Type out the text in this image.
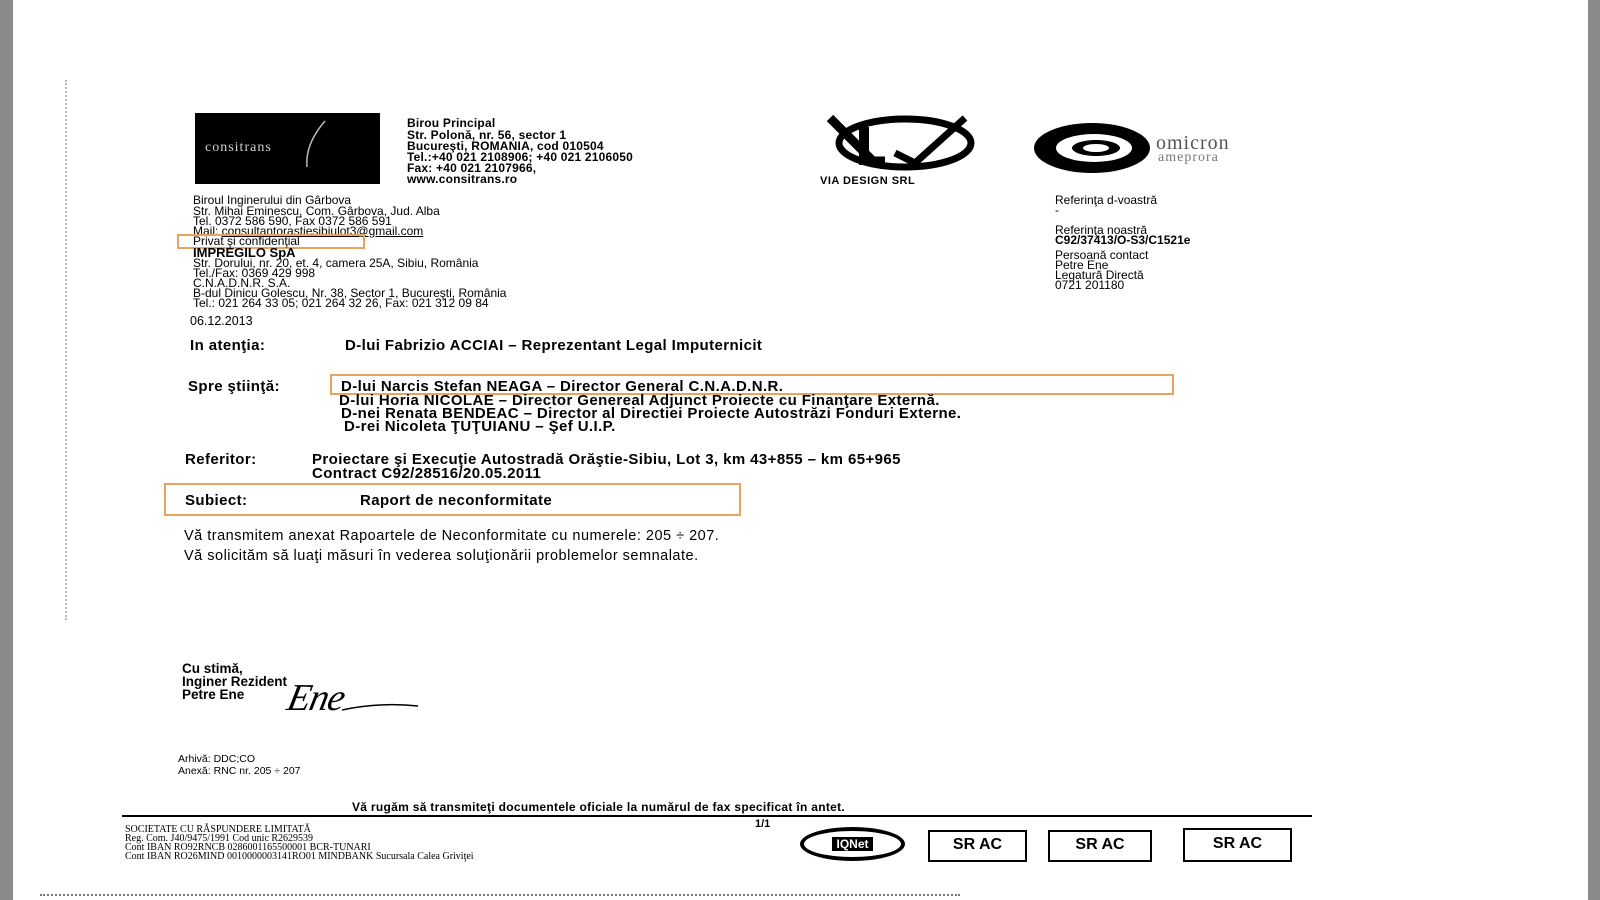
consitrans
Birou Principal
Str. Polonă, nr. 56, sector 1
Bucureşti, ROMANIA, cod 010504
Tel.:+40 021 2108906; +40 021 2106050
Fax: +40 021 2107966,
www.consitrans.ro	VIA DESIGN SRL
omicron
ameprora
Biroul Inginerului din Gârbova
Str. Mihai Eminescu, Com. Gârbova, Jud. Alba
Tel. 0372 586 590, Fax 0372 586 591
Mail: consultantorastiesibiulot3@gmail.com
Privat şi confidenţial
IMPREGILO SpA
Str. Dorului, nr. 20, et. 4, camera 25A, Sibiu, România
Tel./Fax: 0369 429 998
C.N.A.D.N.R. S.A.
B-dul Dinicu Golescu, Nr. 38, Sector 1, Bucureşti, România
Tel.: 021 264 33 05; 021 264 32 26, Fax: 021 312 09 84
Referinţa d-voastră
-
Referinţa noastră
C92/37413/O-S3/C1521e
Persoană contact
Petre Ene
Legatură Directă
0721 201180
06.12.2013
In atenţia:	D-lui Fabrizio ACCIAI – Reprezentant Legal Imputernicit
Spre ştiinţă:	D-lui Narcis Stefan NEAGA – Director General C.N.A.D.N.R.
D-lui Horia NICOLAE – Director Genereal Adjunct Proiecte cu Finanţare Externă.
D-nei Renata BENDEAC – Director al Directiei Proiecte Autostrăzi Fonduri Externe.
D-rei Nicoleta ŢUŢUIANU – Şef U.I.P.
Referitor:	Proiectare şi Execuţie Autostradă Orăştie-Sibiu, Lot 3, km 43+855 – km 65+965
Contract C92/28516/20.05.2011
Subiect:	Raport de neconformitate
Vă transmitem anexat Rapoartele de Neconformitate cu numerele: 205 ÷ 207.
Vă solicităm să luaţi măsuri în vederea soluţionării problemelor semnalate.
Cu stimă,
Inginer Rezident
Petre Ene Ene
Arhivă: DDC;CO
Anexă: RNC nr. 205 ÷ 207
Vă rugăm să transmiteţi documentele oficiale la numărul de fax specificat în antet.
1/1
SOCIETATE CU RĂSPUNDERE LIMITATĂ
Reg. Com. J40/9475/1991 Cod unic R2629539
Cont IBAN RO92RNCB 0286001165500001 BCR-TUNARI
Cont IBAN RO26MIND 0010000003141RO01 MINDBANK Sucursala Calea Griviţei
IQNet	SR AC	SR AC	SR AC
